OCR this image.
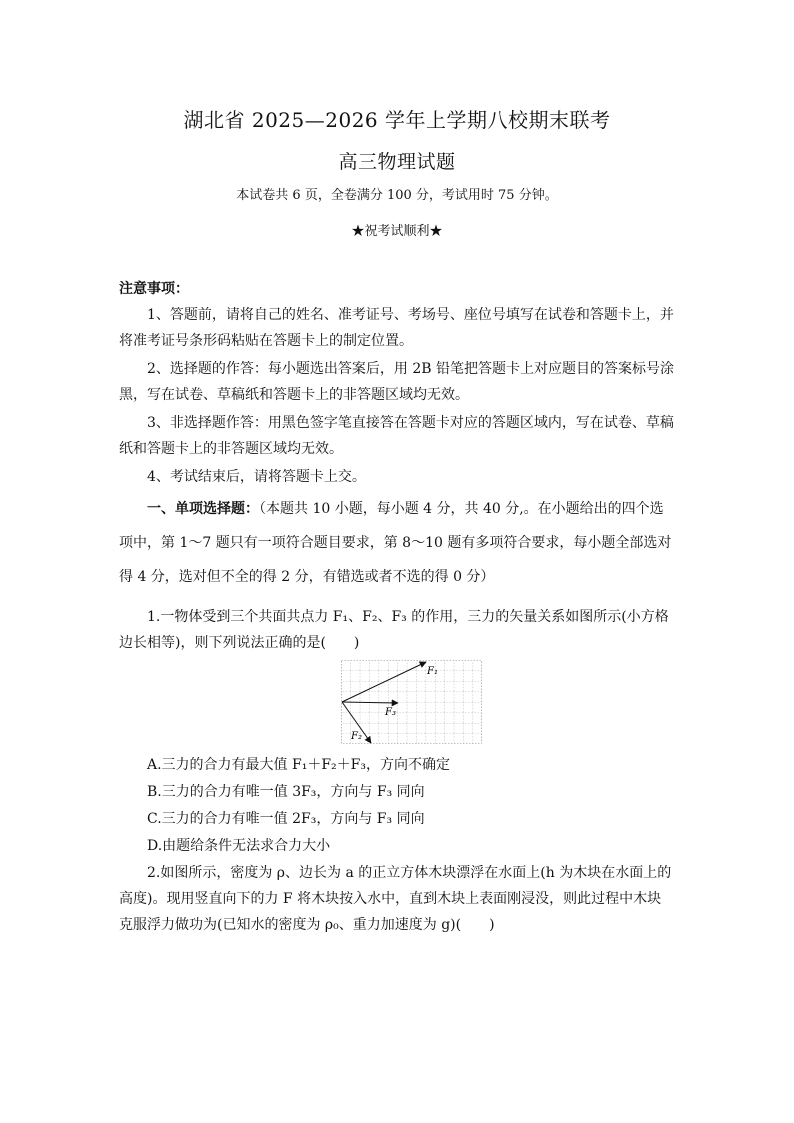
湖北省 2025—2026 学年上学期八校期末联考
高三物理试题
本试卷共 6 页，全卷满分 100 分，考试用时 75 分钟。
★祝考试顺利★
注意事项：
1、答题前，请将自己的姓名、准考证号、考场号、座位号填写在试卷和答题卡上，并将准考证号条形码粘贴在答题卡上的制定位置。
2、选择题的作答：每小题选出答案后，用 2B 铅笔把答题卡上对应题目的答案标号涂黑，写在试卷、草稿纸和答题卡上的非答题区域均无效。
3、非选择题作答：用黑色签字笔直接答在答题卡对应的答题区域内，写在试卷、草稿纸和答题卡上的非答题区域均无效。
4、考试结束后，请将答题卡上交。
一、单项选择题：（本题共 10 小题，每小题 4 分，共 40 分,。在小题给出的四个选项中，第 1～7 题只有一项符合题目要求，第 8～10 题有多项符合要求，每小题全部选对得 4 分，选对但不全的得 2 分，有错选或者不选的得 0 分）
1.一物体受到三个共面共点力 F₁、F₂、F₃ 的作用，三力的矢量关系如图所示(小方格边长相等)，则下列说法正确的是(　　)
F₁
F₃
F₂
A.三力的合力有最大值 F₁＋F₂＋F₃，方向不确定
B.三力的合力有唯一值 3F₃，方向与 F₃ 同向
C.三力的合力有唯一值 2F₃，方向与 F₃ 同向
D.由题给条件无法求合力大小
2.如图所示，密度为 ρ、边长为 a 的正立方体木块漂浮在水面上(h 为木块在水面上的高度)。现用竖直向下的力 F 将木块按入水中，直到木块上表面刚浸没，则此过程中木块克服浮力做功为(已知水的密度为 ρ₀、重力加速度为 g)(　　)
